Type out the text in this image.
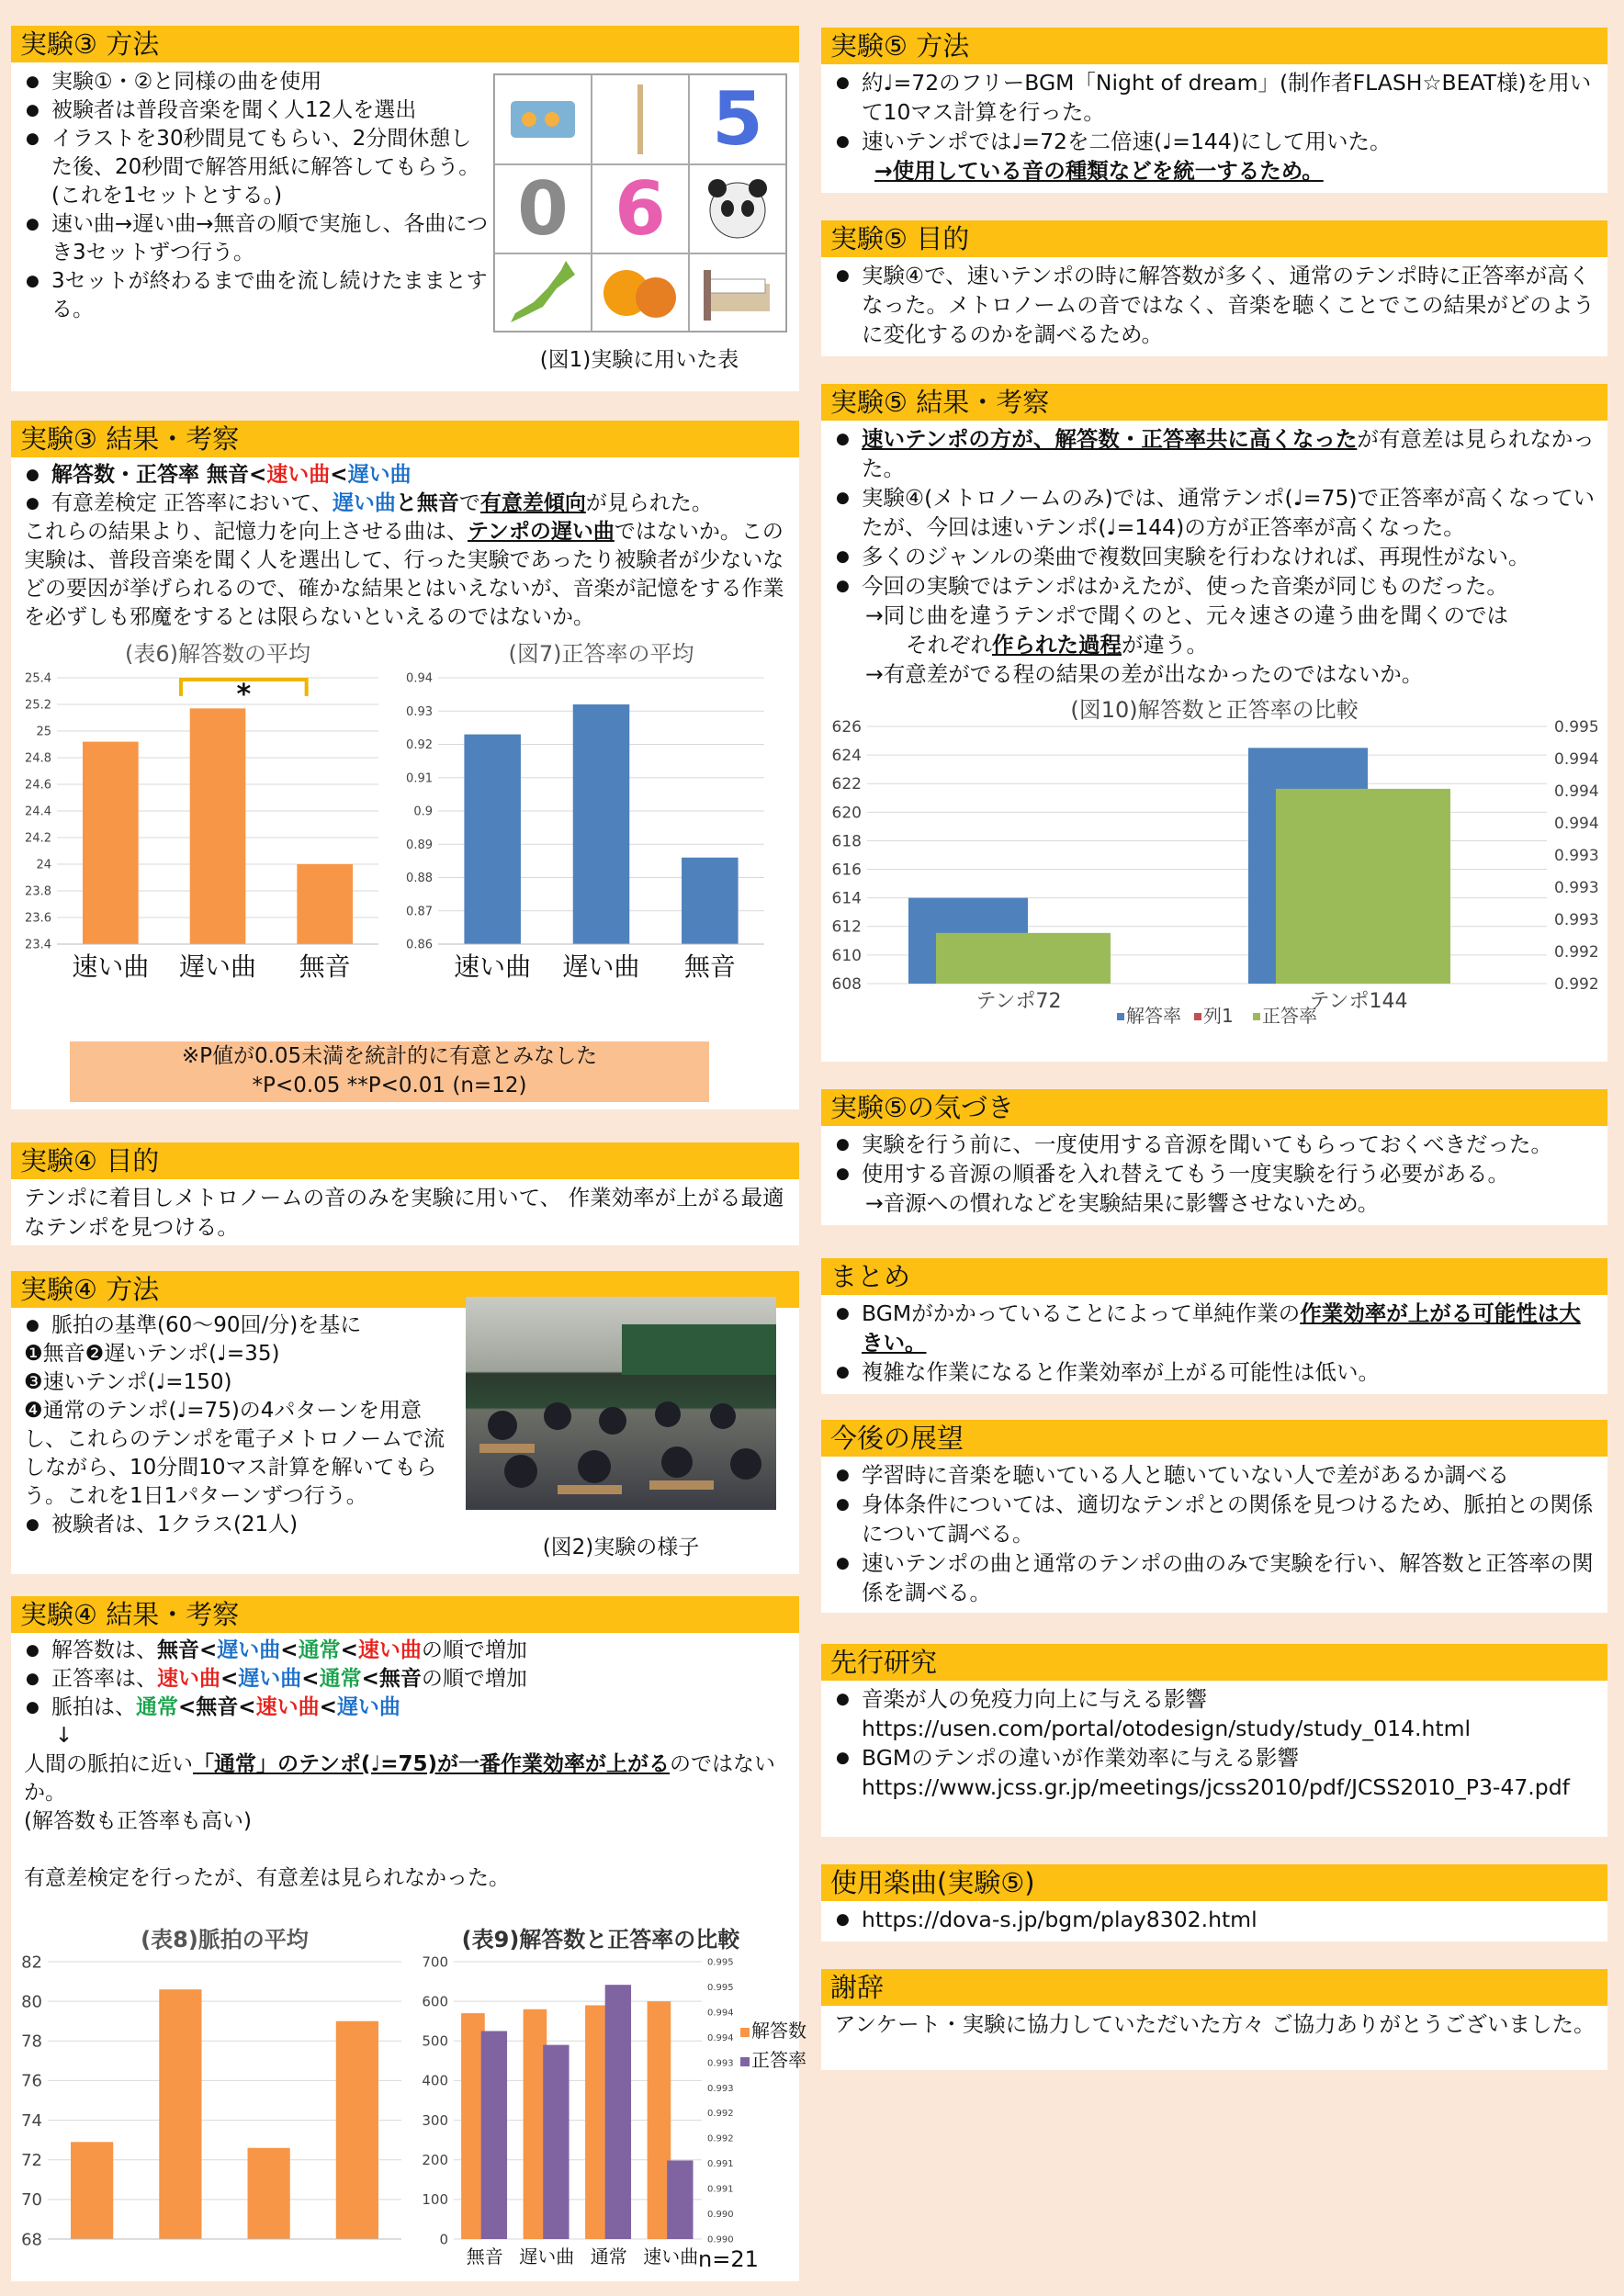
実験③ 方法
● 実験①・②と同様の曲を使用
● 被験者は普段音楽を聞く人12人を選出
● イラストを30秒間見てもらい、2分間休憩した後、20秒間で解答用紙に解答してもらう。(これを1セットとする。)
● 速い曲→遅い曲→無音の順で実施し、各曲につき3セットずつ行う。
● 3セットが終わるまで曲を流し続けたままとする。
5
0 6
(図1)実験に用いた表
実験③ 結果・考察
● 解答数・正答率 無音<速い曲<遅い曲
● 有意差検定 正答率において、遅い曲と無音で有意差傾向が見られた。
これらの結果より、記憶力を向上させる曲は、テンポの遅い曲ではないか。この実験は、普段音楽を聞く人を選出して、行った実験であったり被験者が少ないなどの要因が挙げられるので、確かな結果とはいえないが、音楽が記憶をする作業を必ずしも邪魔をするとは限らないといえるのではないか。
(表6)解答数の平均
25.4
25.2
25
24.8
24.6
24.4
24.2
24
23.8
23.6
23.4
速い曲 遅い曲 無音
*
(図7)正答率の平均
0.94
0.93
0.92
0.91
0.9
0.89
0.88
0.87
0.86
速い曲 遅い曲 無音
※P値が0.05未満を統計的に有意とみなした
*P<0.05 **P<0.01 (n=12)
実験④ 目的
テンポに着目しメトロノームの音のみを実験に用いて、 作業効率が上がる最適なテンポを見つける。
実験④ 方法
● 脈拍の基準(60〜90回/分)を基に
❶無音❷遅いテンポ(♩=35)
❸速いテンポ(♩=150)
❹通常のテンポ(♩=75)の4パターンを用意し、これらのテンポを電子メトロノームで流しながら、10分間10マス計算を解いてもらう。これを1日1パターンずつ行う。
● 被験者は、1クラス(21人)
(図2)実験の様子
実験④ 結果・考察
● 解答数は、無音<遅い曲<通常<速い曲の順で増加
● 正答率は、速い曲<遅い曲<通常<無音の順で増加
● 脈拍は、通常<無音<速い曲<遅い曲
↓
人間の脈拍に近い「通常」のテンポ(♩=75)が一番作業効率が上がるのではないか。
(解答数も正答率も高い)
有意差検定を行ったが、有意差は見られなかった。
(表8)脈拍の平均
82
80
78
76
74
72
70
68
(表9)解答数と正答率の比較
700
600
500
400
300
200
100
0
0.995
0.995
0.994
0.994
0.993
0.993
0.992
0.992
0.991
0.991
0.990
0.990
無音 遅い曲 通常 速い曲
解答数
正答率
n=21
実験⑤ 方法
● 約♩=72のフリーBGM「Night of dream」(制作者FLASH☆BEAT様)を用いて10マス計算を行った。
● 速いテンポでは♩=72を二倍速(♩=144)にして用いた。
→使用している音の種類などを統一するため。
実験⑤ 目的
● 実験④で、速いテンポの時に解答数が多く、通常のテンポ時に正答率が高くなった。メトロノームの音ではなく、音楽を聴くことでこの結果がどのように変化するのかを調べるため。
実験⑤ 結果・考察
● 速いテンポの方が、解答数・正答率共に高くなったが有意差は見られなかった。
● 実験④(メトロノームのみ)では、通常テンポ(♩=75)で正答率が高くなっていたが、今回は速いテンポ(♩=144)の方が正答率が高くなった。
● 多くのジャンルの楽曲で複数回実験を行わなければ、再現性がない。
● 今回の実験ではテンポはかえたが、使った音楽が同じものだった。
→同じ曲を違うテンポで聞くのと、元々速さの違う曲を聞くのでは
それぞれ作られた過程が違う。
→有意差がでる程の結果の差が出なかったのではないか。
(図10)解答数と正答率の比較
626
624
622
620
618
616
614
612
610
608
0.995
0.994
0.994
0.994
0.993
0.993
0.993
0.992
0.992
テンポ72	テンポ144
解答率 列1 正答率
実験⑤の気づき
● 実験を行う前に、一度使用する音源を聞いてもらっておくべきだった。
● 使用する音源の順番を入れ替えてもう一度実験を行う必要がある。
→音源への慣れなどを実験結果に影響させないため。
まとめ
● BGMがかかっていることによって単純作業の作業効率が上がる可能性は大きい。
● 複雑な作業になると作業効率が上がる可能性は低い。
今後の展望
● 学習時に音楽を聴いている人と聴いていない人で差があるか調べる
● 身体条件については、適切なテンポとの関係を見つけるため、脈拍との関係について調べる。
● 速いテンポの曲と通常のテンポの曲のみで実験を行い、解答数と正答率の関係を調べる。
先行研究
● 音楽が人の免疫力向上に与える影響
https://usen.com/portal/otodesign/study/study_014.html
● BGMのテンポの違いが作業効率に与える影響
https://www.jcss.gr.jp/meetings/jcss2010/pdf/JCSS2010_P3-47.pdf
使用楽曲(実験⑤)
● https://dova-s.jp/bgm/play8302.html
謝辞
アンケート・実験に協力していただいた方々 ご協力ありがとうございました。
